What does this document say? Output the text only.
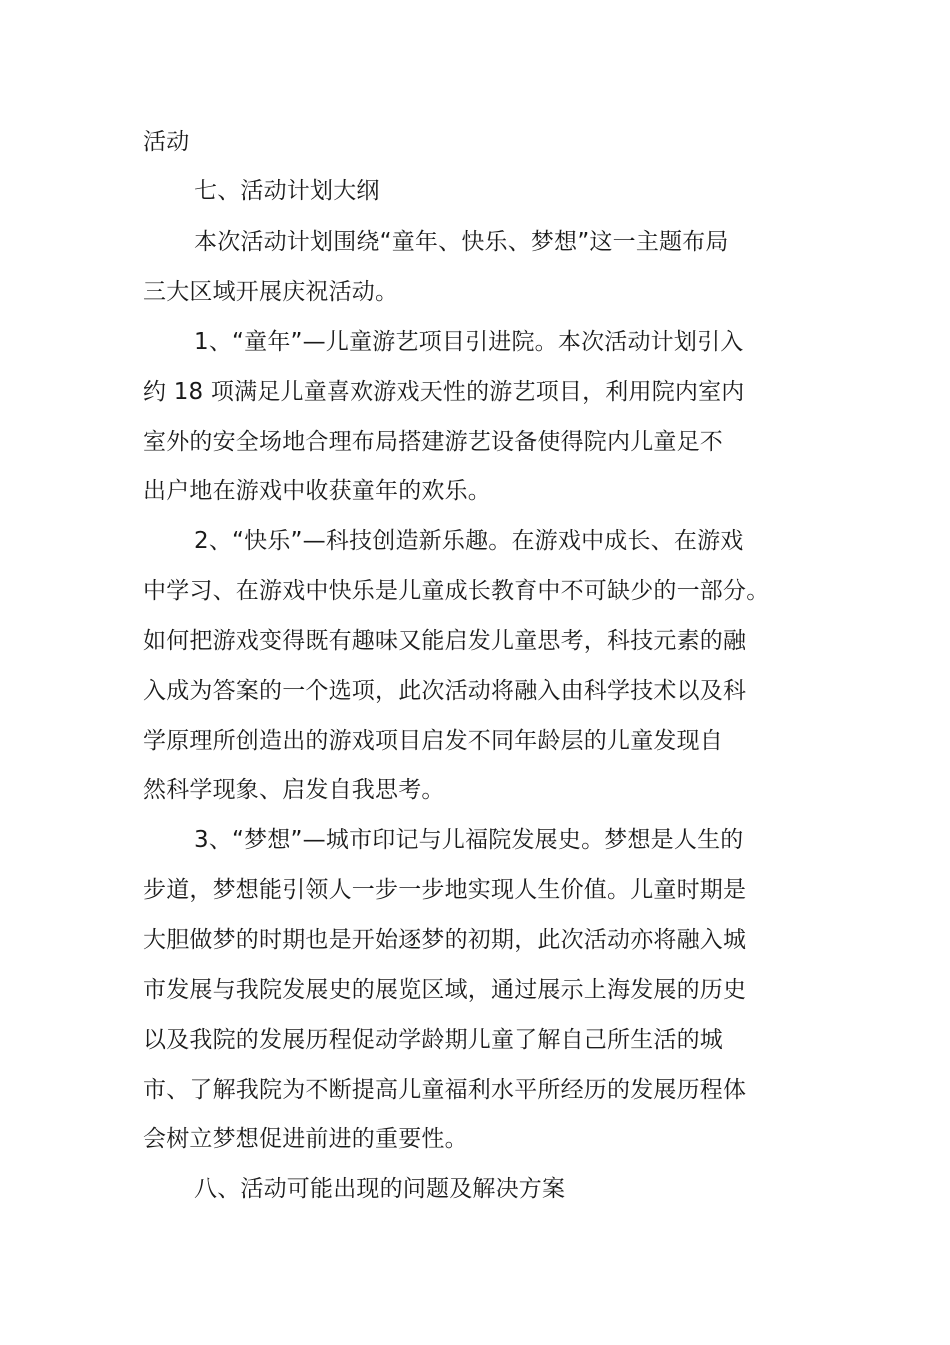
活动
七、活动计划大纲
本次活动计划围绕“童年、快乐、梦想”这一主题布局
三大区域开展庆祝活动。
1、“童年”—儿童游艺项目引进院。本次活动计划引入
约 18 项满足儿童喜欢游戏天性的游艺项目，利用院内室内
室外的安全场地合理布局搭建游艺设备使得院内儿童足不
出户地在游戏中收获童年的欢乐。
2、“快乐”—科技创造新乐趣。在游戏中成长、在游戏
中学习、在游戏中快乐是儿童成长教育中不可缺少的一部分。
如何把游戏变得既有趣味又能启发儿童思考，科技元素的融
入成为答案的一个选项，此次活动将融入由科学技术以及科
学原理所创造出的游戏项目启发不同年龄层的儿童发现自
然科学现象、启发自我思考。
3、“梦想”—城市印记与儿福院发展史。梦想是人生的
步道，梦想能引领人一步一步地实现人生价值。儿童时期是
大胆做梦的时期也是开始逐梦的初期，此次活动亦将融入城
市发展与我院发展史的展览区域，通过展示上海发展的历史
以及我院的发展历程促动学龄期儿童了解自己所生活的城
市、了解我院为不断提高儿童福利水平所经历的发展历程体
会树立梦想促进前进的重要性。
八、活动可能出现的问题及解决方案
